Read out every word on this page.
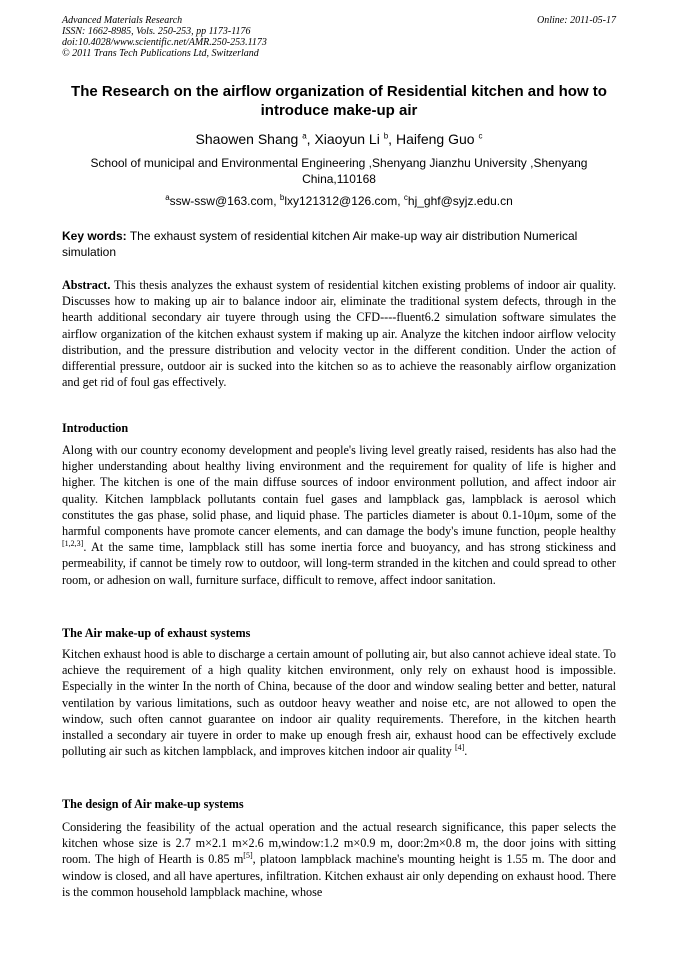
Advanced Materials Research
ISSN: 1662-8985, Vols. 250-253, pp 1173-1176
doi:10.4028/www.scientific.net/AMR.250-253.1173
© 2011 Trans Tech Publications Ltd, Switzerland
Online: 2011-05-17
The Research on the airflow organization of Residential kitchen and how to introduce make-up air
Shaowen Shang $^a$, Xiaoyun Li $^b$, Haifeng Guo $^c$
School of municipal and Environmental Engineering ,Shenyang Jianzhu University ,Shenyang China,110168
$^a$ssw-ssw@163.com, $^b$lxy121312@126.com, $^c$hj_ghf@syjz.edu.cn
Key words: The exhaust system of residential kitchen Air make-up way air distribution Numerical simulation
Abstract. This thesis analyzes the exhaust system of residential kitchen existing problems of indoor air quality. Discusses how to making up air to balance indoor air, eliminate the traditional system defects, through in the hearth additional secondary air tuyere through using the CFD----fluent6.2 simulation software simulates the airflow organization of the kitchen exhaust system if making up air. Analyze the kitchen indoor airflow velocity distribution, and the pressure distribution and velocity vector in the different condition. Under the action of differential pressure, outdoor air is sucked into the kitchen so as to achieve the reasonably airflow organization and get rid of foul gas effectively.
Introduction
Along with our country economy development and people's living level greatly raised, residents has also had the higher understanding about healthy living environment and the requirement for quality of life is higher and higher. The kitchen is one of the main diffuse sources of indoor environment pollution, and affect indoor air quality. Kitchen lampblack pollutants contain fuel gases and lampblack gas, lampblack is aerosol which constitutes the gas phase, solid phase, and liquid phase. The particles diameter is about 0.1-10μm, some of the harmful components have promote cancer elements, and can damage the body's imune function, people healthy [1,2,3]. At the same time, lampblack still has some inertia force and buoyancy, and has strong stickiness and permeability, if cannot be timely row to outdoor, will long-term stranded in the kitchen and could spread to other room, or adhesion on wall, furniture surface, difficult to remove, affect indoor sanitation.
The Air make-up of exhaust systems
Kitchen exhaust hood is able to discharge a certain amount of polluting air, but also cannot achieve ideal state. To achieve the requirement of a high quality kitchen environment, only rely on exhaust hood is impossible. Especially in the winter In the north of China, because of the door and window sealing better and better, natural ventilation by various limitations, such as outdoor heavy weather and noise etc, are not allowed to open the window, such often cannot guarantee on indoor air quality requirements. Therefore, in the kitchen hearth installed a secondary air tuyere in order to make up enough fresh air, exhaust hood can be effectively exclude polluting air such as kitchen lampblack, and improves kitchen indoor air quality [4].
The design of Air make-up systems
Considering the feasibility of the actual operation and the actual research significance, this paper selects the kitchen whose size is 2.7 m×2.1 m×2.6 m,window:1.2 m×0.9 m, door:2m×0.8 m, the door joins with sitting room. The high of Hearth is 0.85 m[5], platoon lampblack machine's mounting height is 1.55 m. The door and window is closed, and all have apertures, infiltration. Kitchen exhaust air only depending on exhaust hood. There is the common household lampblack machine, whose
